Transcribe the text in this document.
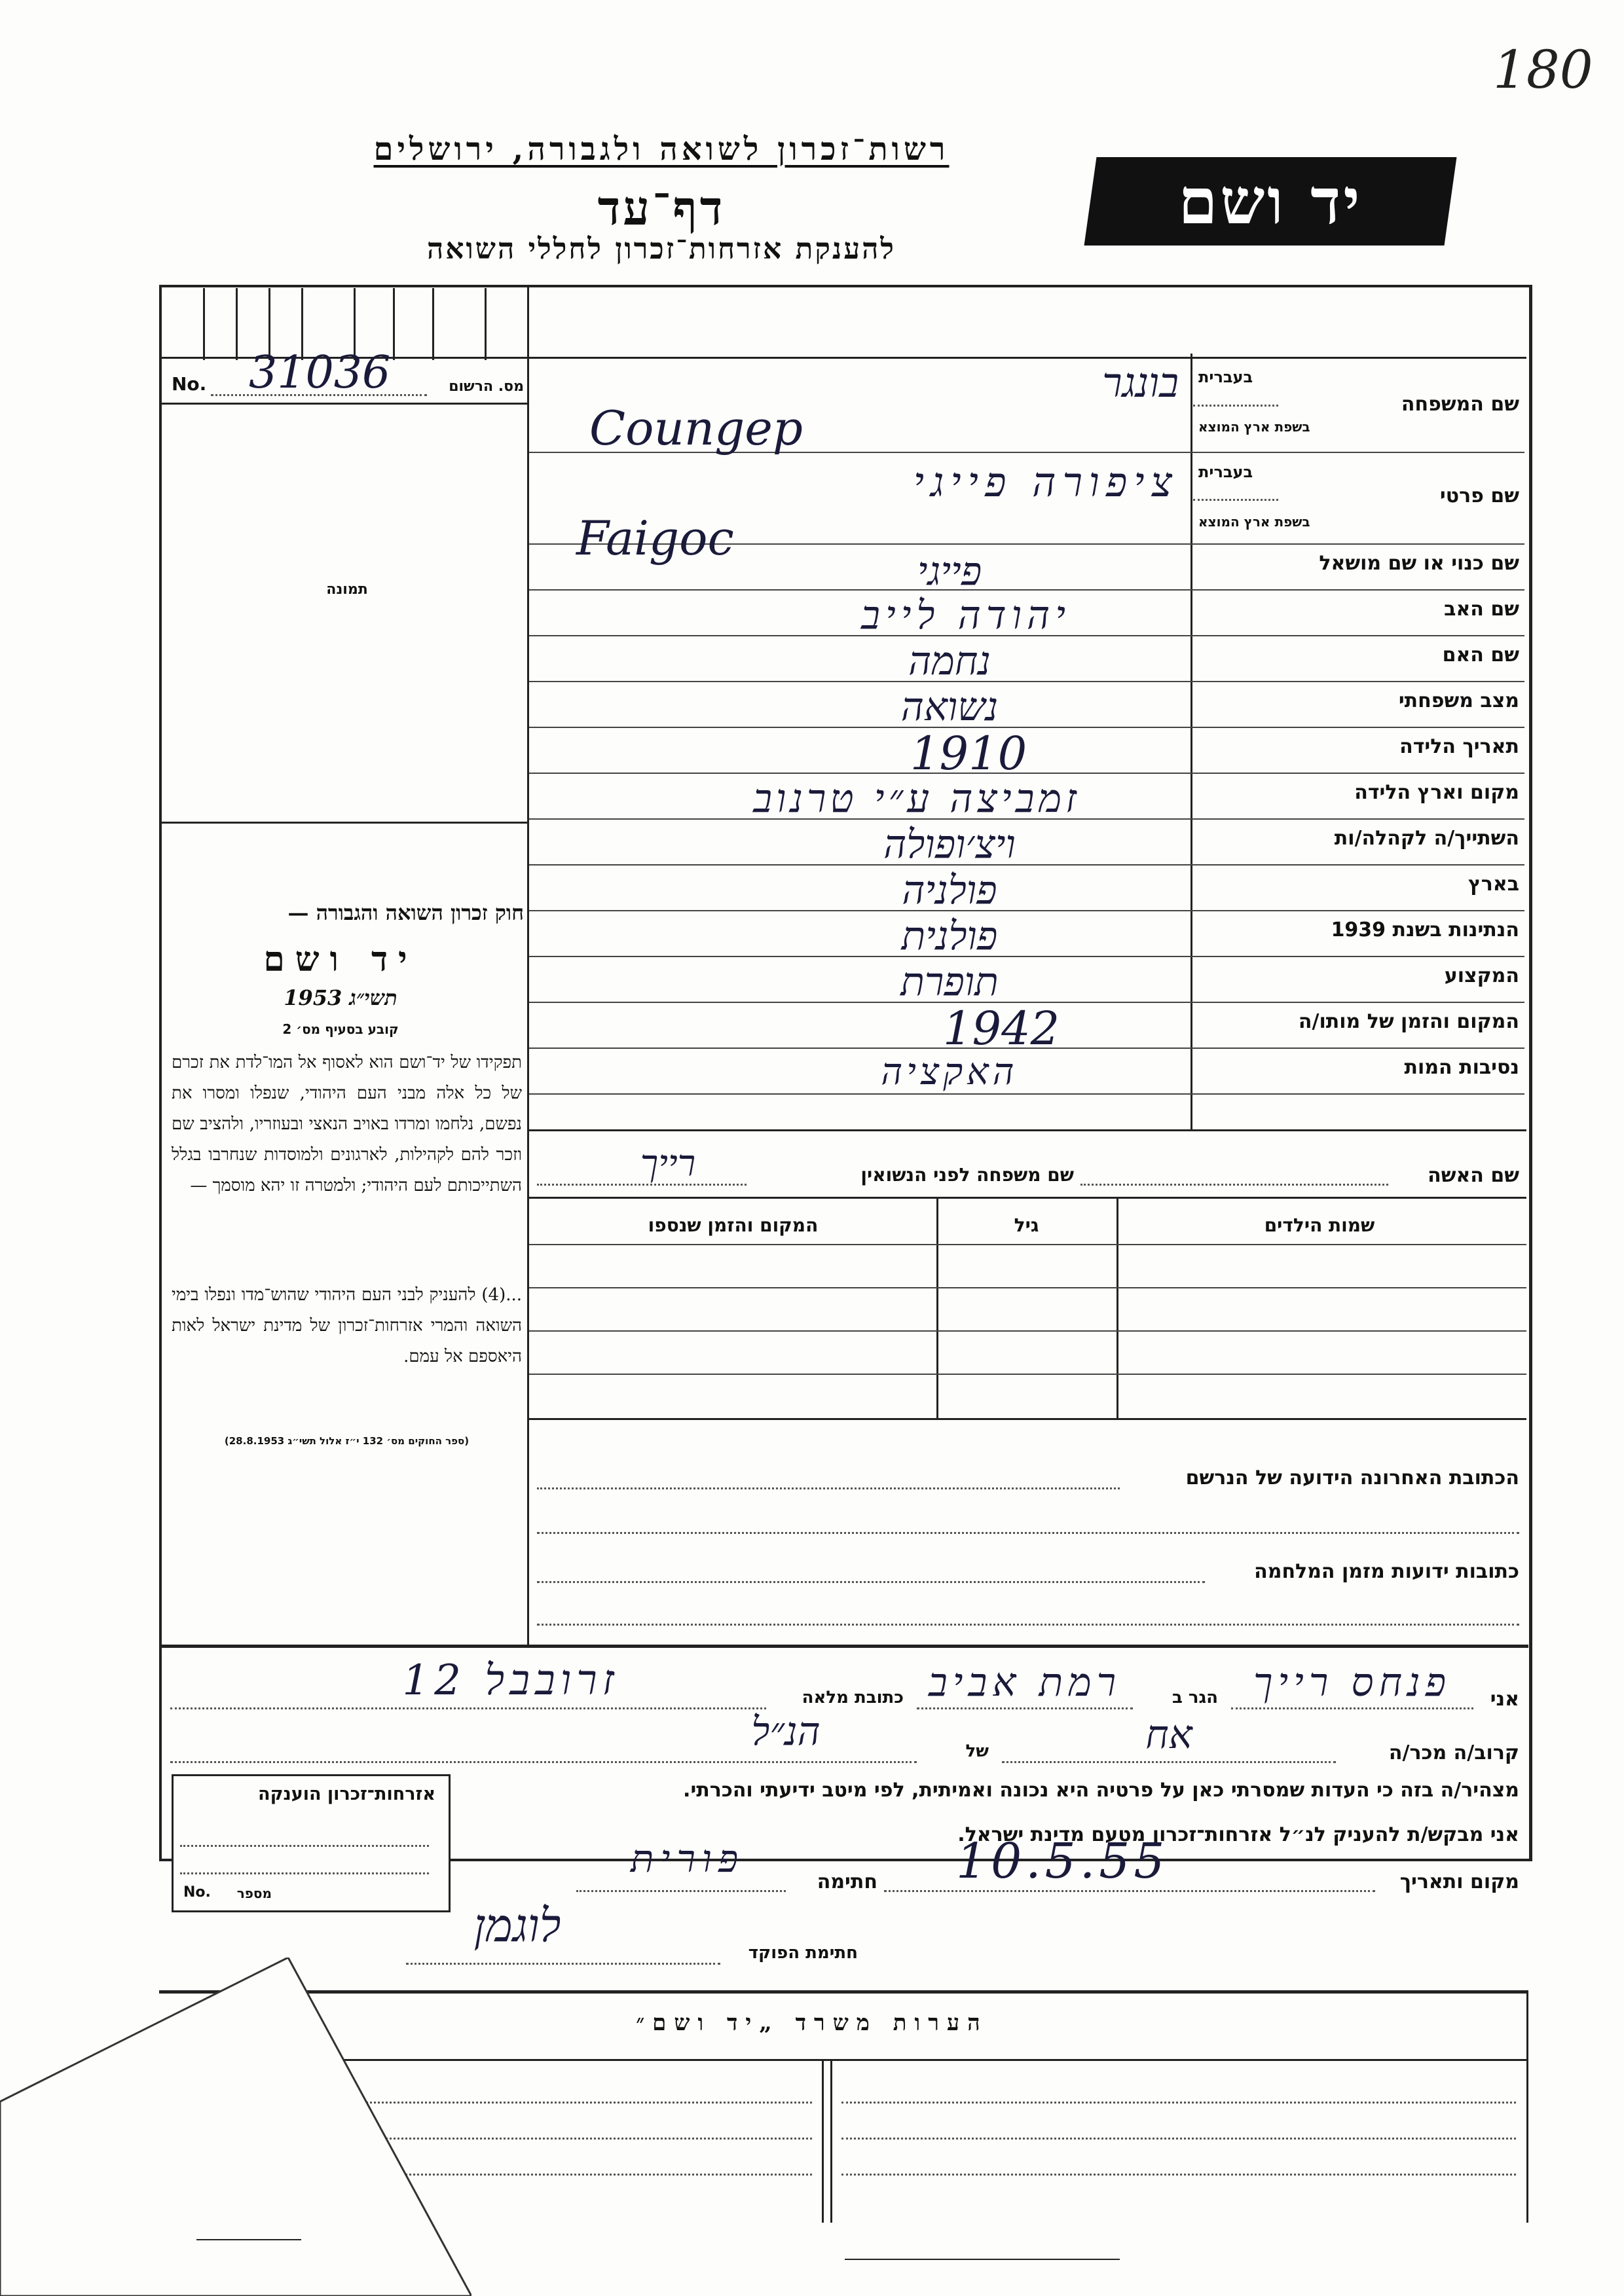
180
רשות־זכרון לשואה ולגבורה, ירושלים
דף־עד
להענקת אזרחות־זכרון לחללי השואה
יד ושם
No. 31036	מס. הרשום
תמונה
חוק זכרון השואה והגבורה —
יד ושם
תשי״ג 1953
קובע בסעיף מס׳ 2
תפקידו של יד־ושם הוא לאסוף אל המו־לדת את זכרם של כל אלה מבני העם היהודי, שנפלו ומסרו את נפשם, נלחמו ומרדו באויב הנאצי ובעוזריו, ולהציב שם וזכר להם לקהילות, לארגונים ולמוסדות שנחרבו בגלל השתייכותם לעם היהודי; ולמטרה זו יהא מוסמך —
...(4) להעניק לבני העם היהודי שהוש־מדו ונפלו בימי השואה והמרי אזרחות־זכרון של מדינת ישראל לאות היאספם אל עמם.
(ספר החוקים מס׳ 132 י״ז אלול תשי״ג 28.8.1953)
שם המשפחה
בעברית
בשפת ארץ המוצא
שם פרטי
בעברית
בשפת ארץ המוצא
שם כנוי או שם מושאל
שם האב
שם האם
מצב משפחתי
תאריך הלידה
מקום וארץ הלידה
השתייך/ה לקהלה/ות
בארץ
הנתינות בשנת 1939
המקצוע
המקום והזמן של מותו/ה
נסיבות המות
בונגר
Coungep
ציפורה פייגי
Faigoc
פייגי
יהודה לייב
נחמה
נשואה
1910
זמביצה ע״י טרנוב
ויצ׳ופולה
פולניה
פולנית
תופרת
1942
האקציה
שם האשה
שם משפחה לפני הנשואין
רייך
שמות הילדים
גיל
המקום והזמן שנספו
הכתובת האחרונה הידועה של הנרשם
כתובות ידועות מזמן המלחמה
אני
פנחס רייך
הגר ב
רמת אביב
כתובת מלאה
זרובבל 12
קרוב/ה מכר/ה
אח
של
הנ״ל
מצהיר/ה בזה כי העדות שמסרתי כאן על פרטיה היא נכונה ואמיתית, לפי מיטב ידיעתי והכרתי.
אני מבקש/ת להעניק לנ״ל אזרחות־זכרון מטעם מדינת ישראל.
מקום ותאריך
10.5.55
חתימה
פורית
חתימת הפוקד
לוגמן
אזרחות־זכרון הוענקה
No.	מספר
הערות משרד „יד ושם״
